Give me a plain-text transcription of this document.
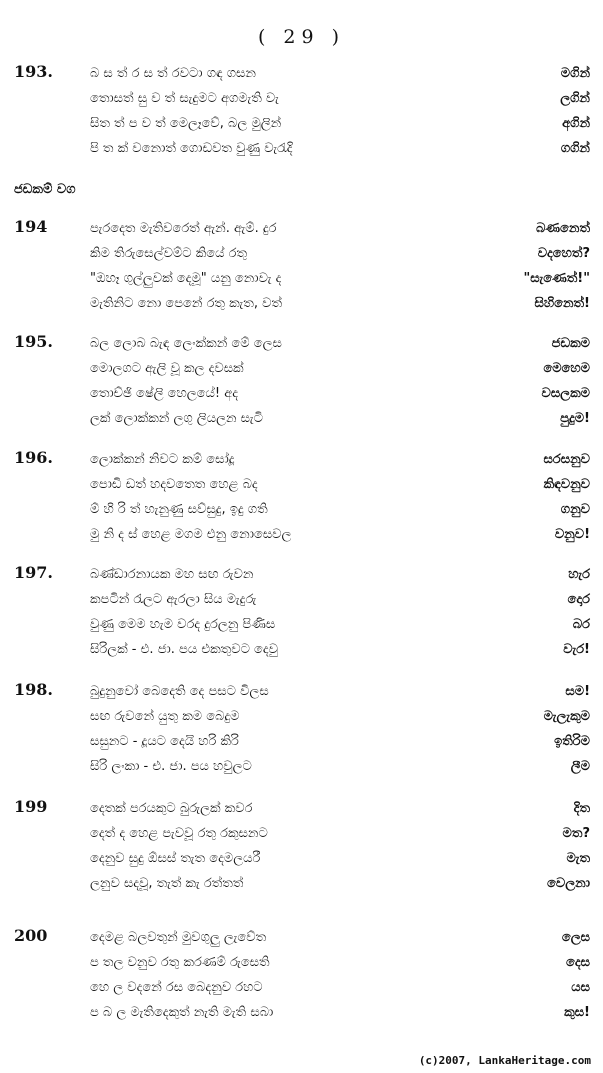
( 29 )
193.	බ ස ත් ර ස ත් රවටා ගඳ ගසන	මගින්
තොසත් සු ව ත් සැදුමට අගමැති වැ	ලගින්
සිත ත් ප ව ත් මෙලෑවේ, බල මුලින්	අගින්
පි ත ක් වනොත් ගොඩවත වුණු වැරැදි	ගගින්
ජඩකම් වග
194	පැරදෙත මැතිවරෙත් ඇන්. ඇම්. දුර	බණනෙත්
කිම තිරුසෙල්වම්ට කියේ රතු	වදහෙත්?
"ඔහෑ ගුල්ලුවක් දෙමූ" යනු නොවැ ද	"සැණෙත්!"
මැතිනිට නො පෙනේ රතු කැත, වත්	සිහිනෙත්!
195.	බල ලොබ බැඳ ලෙංක්කන් මේ ලෙස	ජඩකම
මොලගට ඇලි වූ කල දවසක්	මෙහෙම
තොච්ඡි ෂේලි හෙලයේ! අද	වසලකම
ලක් ලොක්කන් ලගු ලියලන සැටි	පුදුම!
196.	ලොක්කන් නිවට කම් සෝදූ	සරසනුව
පොඩි ඩත් හදවතෙත හෙළ බද	කිඳවනුව
ම් හි රි ත් හැනුණු සව්සුදු, ඉදු ගති	ගනුව
මු නි ද ස් හෙළ මගම එනු නොසෙවල	වනුව!
197.	බණ්ඩාරනායක මහ සඟ රුවන	හැර
කපටින් රැලට ඇරලා සිය මැදුරු	දොර
වුණු මෙම හැම වරද දුරලනු පිණිස	බර
සිරිලක් - එ. ජා. පය එකතුවට දෙවු	වැර!
198.	බුදුනුවෝ බෙදෙති දෙ පසට විලස	සම!
සඟ රුවනේ යුතු කම බෙදුම	මැලැකුම
සසුනට - දූයට දෙයි හරි කිරි	ඉතිරිම
සිරි ලංකා - එ. ජා. පය හවුලට	ලීම
199	දෙතක් පරයකුට බුරුලක් කවර	දිත
දෙත් ද හෙළ පැවවූ රතු රකුසනට	මත?
දෙනුව සුදු ඕසස් තැත දෙමලයරී	මැත
ලනුව සදවූ, තැත් කැ රත්තත්	වෙලනා
200	දෙමළ බලවතුන් මුවගුලු ලැවේත	ලෙස
ප තල වනුව රතු කරණම් රුසෙති	දෙස
හෙ ල වදනේ රස බෙදනුව රහට	යස
ප බ ල මැතිදෙකුත් නැති මැති සබා	කුස!
(c)2007, LankaHeritage.com
